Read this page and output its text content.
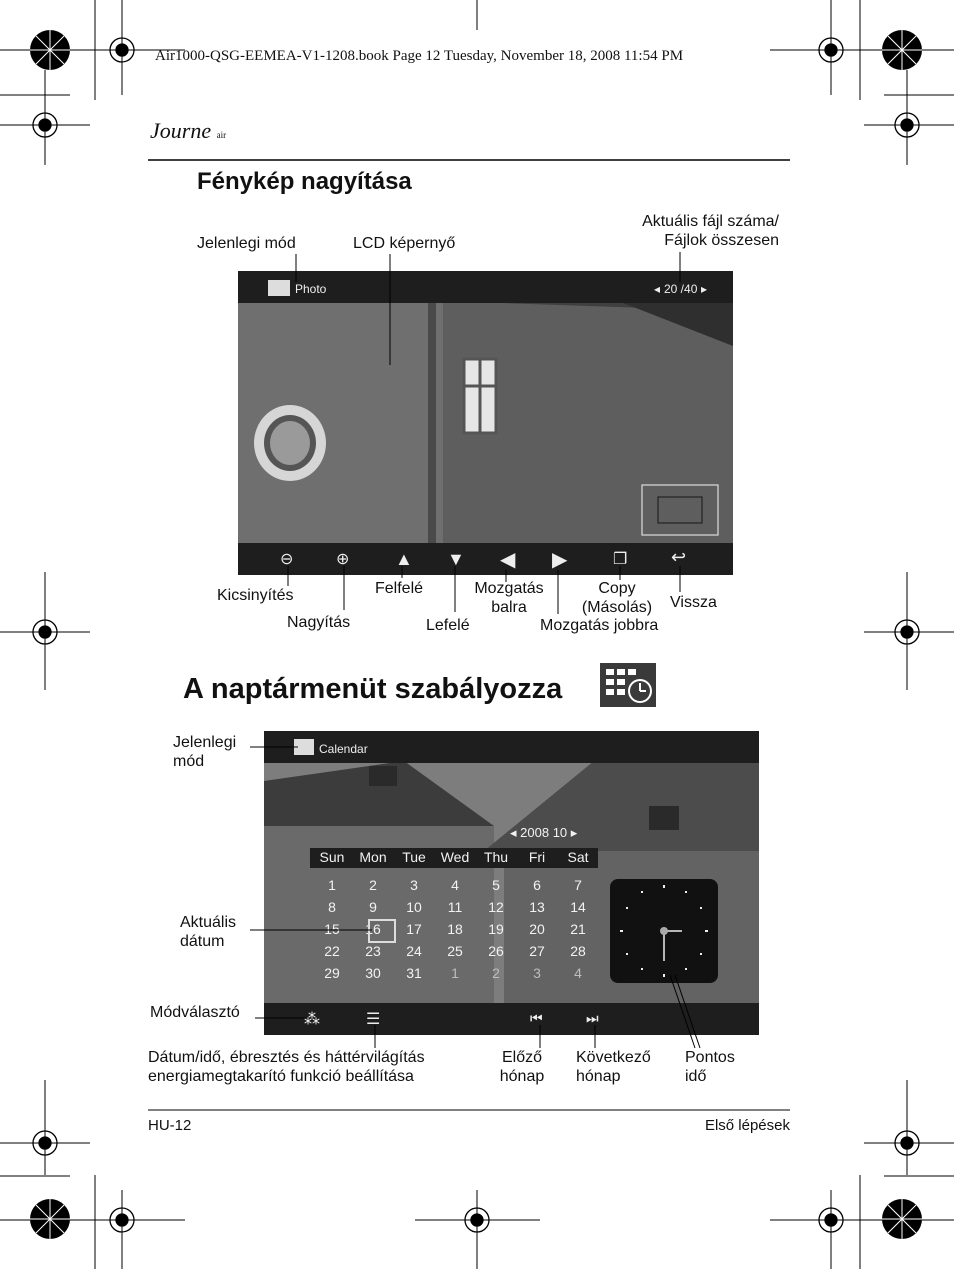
Air1000-QSG-EEMEA-V1-1208.book Page 12 Tuesday, November 18, 2008 11:54 PM
Journe air
Fénykép nagyítása
Jelenlegi mód	LCD képernyő
Aktuális fájl száma/
Fájlok összesen
Photo	◂ 20 /40 ▸
⊖	⊕	▲ ▼ ◀ ▶	❐ ↩
Kicsinyítés
Nagyítás
Felfelé
Lefelé
Mozgatás
balra
Mozgatás jobbra
Copy
(Másolás)	Vissza
A naptármenüt szabályozza
Jelenlegi
mód
Aktuális
dátum
Módválasztó
Calendar
◂ 2008 10 ▸
Sun	Mon	Tue	Wed	Thu	Fri	Sat
1	2	3	4	5	6	7
8	9	10	11	12	13	14
15	16	17	18	19	20	21
22	23	24	25	26	27	28
29	30	31	1	2	3	4
⁂	☰	⏮	⏭
Dátum/idő, ébresztés és háttérvilágítás
energiamegtakarító funkció beállítása
Előző
hónap
Következő
hónap
Pontos
idő
HU-12	Első lépések
